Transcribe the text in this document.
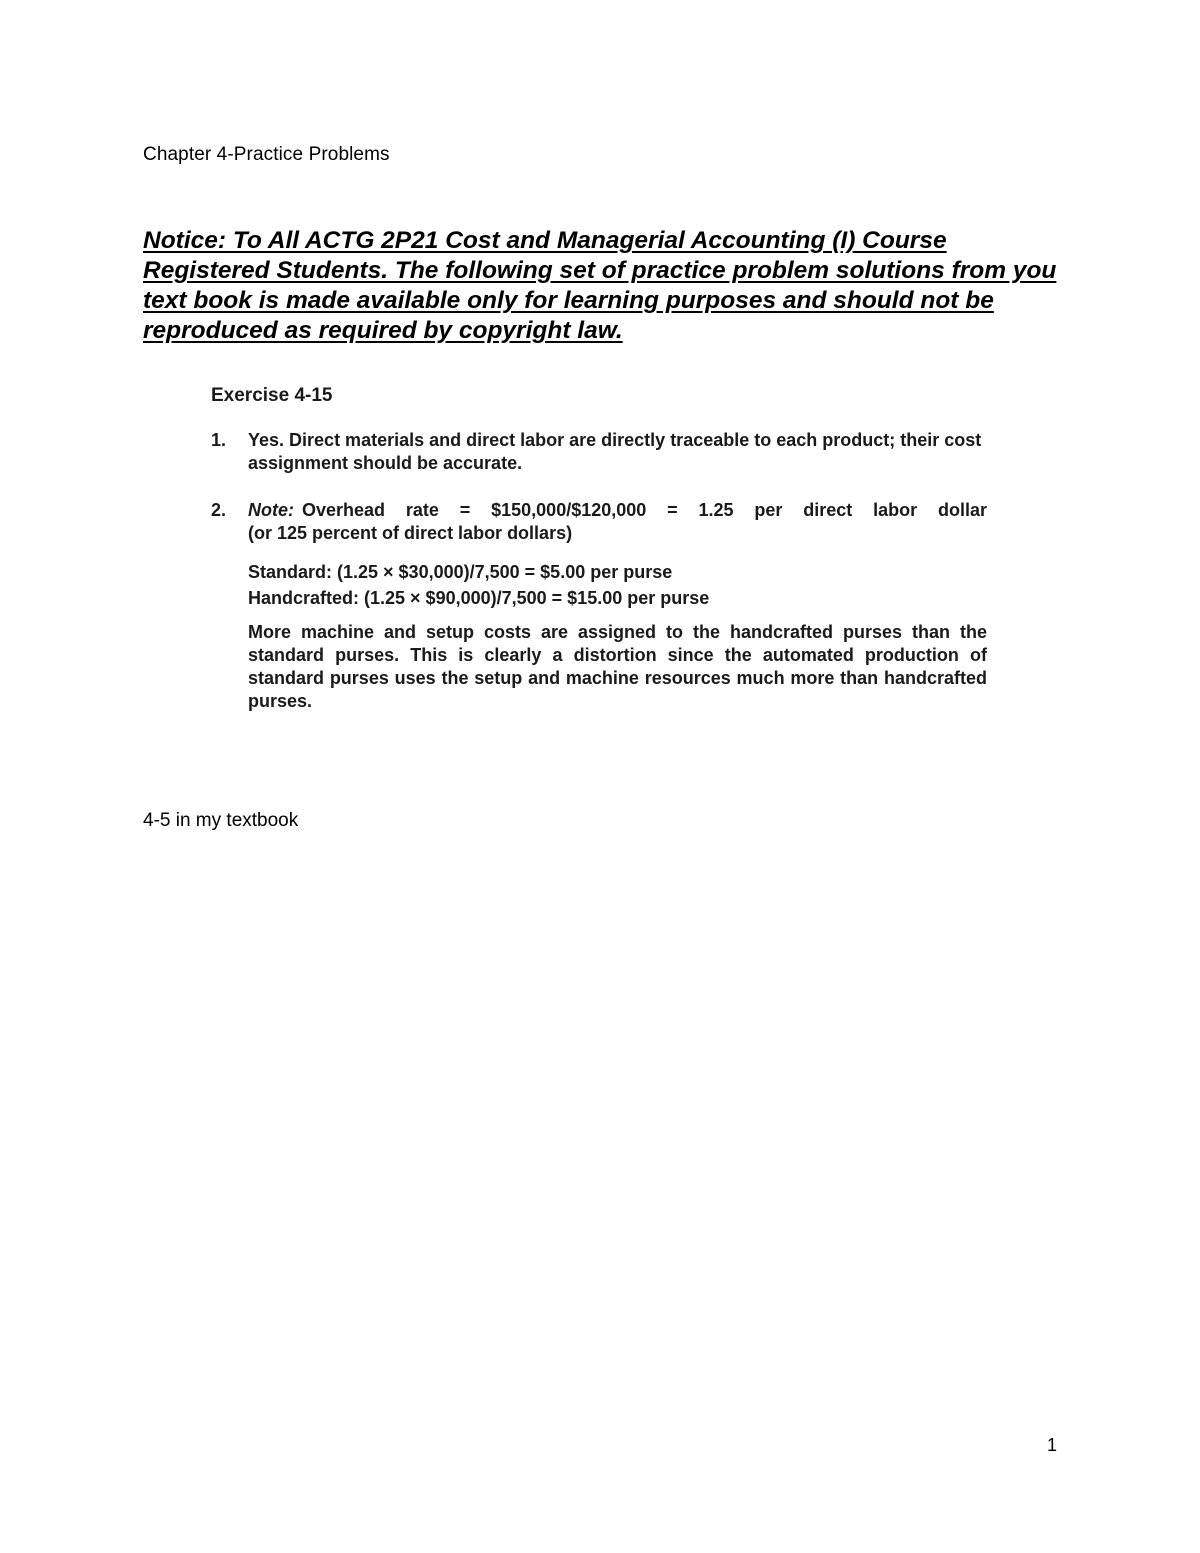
Chapter 4-Practice Problems
Notice: To All ACTG 2P21 Cost and Managerial Accounting (I) Course Registered Students. The following set of practice problem solutions from you text book is made available only for learning purposes and should not be reproduced as required by copyright law.
Exercise 4-15
1. Yes. Direct materials and direct labor are directly traceable to each product; their cost assignment should be accurate.
2. Note: Overhead rate = $150,000/$120,000 = 1.25 per direct labor dollar
(or 125 percent of direct labor dollars)
Standard: (1.25 × $30,000)/7,500 = $5.00 per purse
Handcrafted: (1.25 × $90,000)/7,500 = $15.00 per purse
More machine and setup costs are assigned to the handcrafted purses than the standard purses. This is clearly a distortion since the automated production of standard purses uses the setup and machine resources much more than handcrafted purses.
4-5 in my textbook
1
